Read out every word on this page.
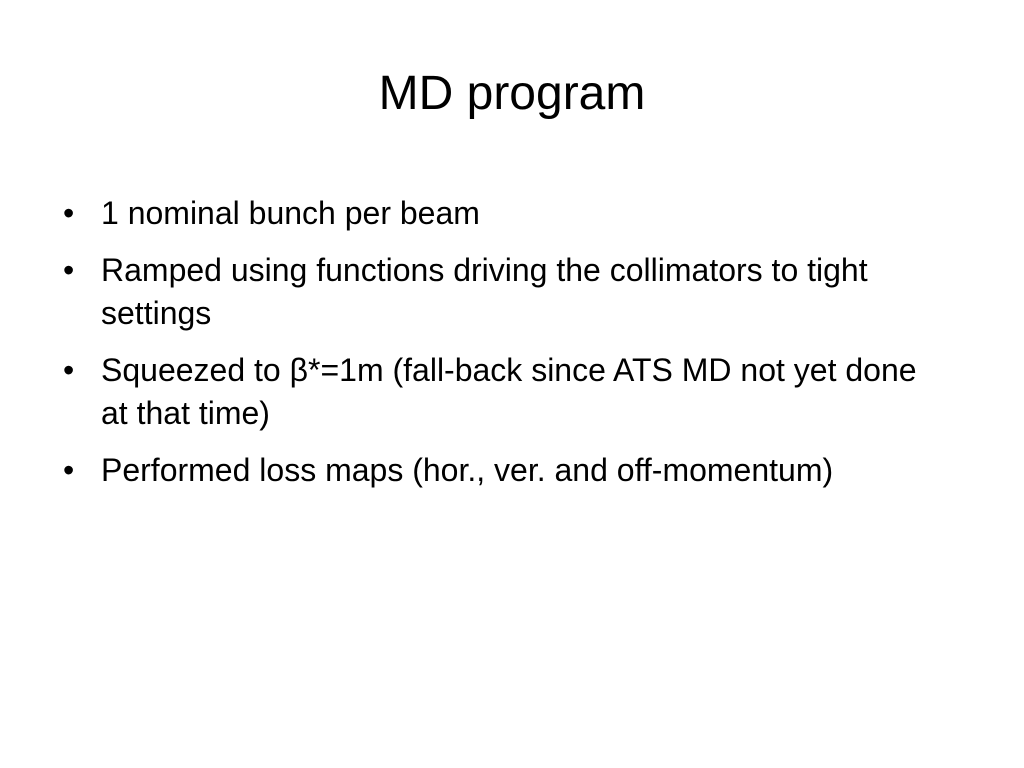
MD program
• 1 nominal bunch per beam
• Ramped using functions driving the collimators to tight settings
• Squeezed to β*=1m (fall-back since ATS MD not yet done at that time)
• Performed loss maps (hor., ver. and off-momentum)
